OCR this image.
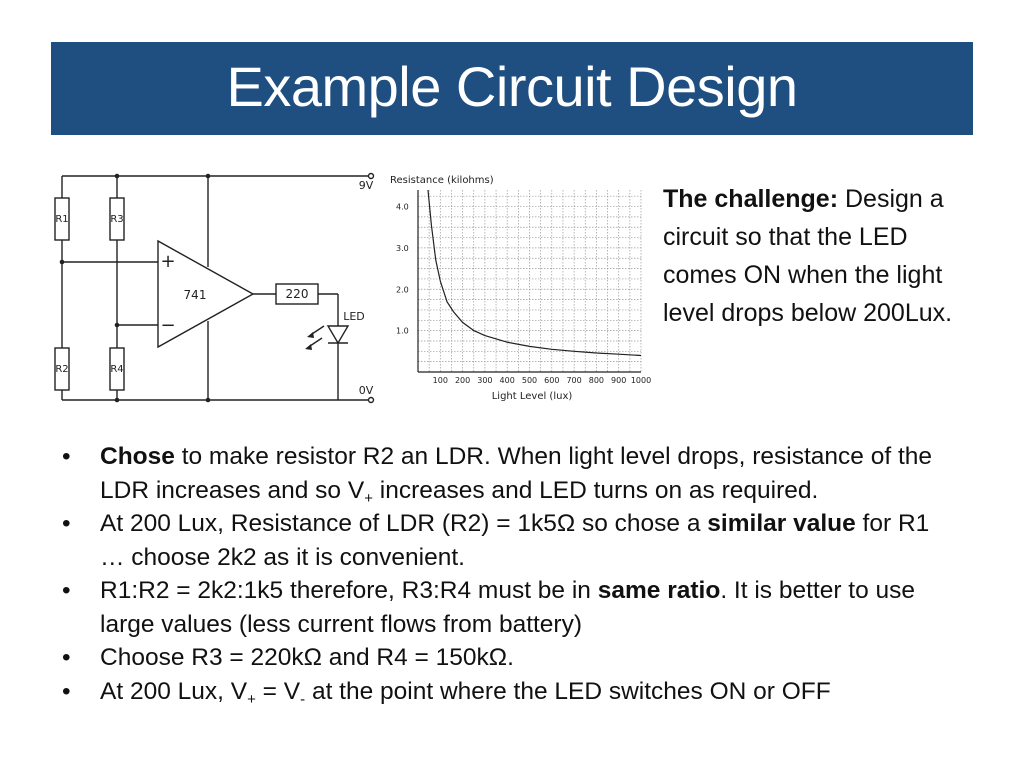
Example Circuit Design
R1
R2
R3
R4
741	220
LED
9V
0V
+
−
100 200 300 400 500 600 700 800 900 1000
1.0
2.0
3.0
4.0
Resistance (kilohms)
Light Level (lux)
The challenge: Design a circuit so that the LED comes ON when the light level drops below 200Lux.
• Chose to make resistor R2 an LDR. When light level drops, resistance of the LDR increases and so $V_+$ increases and LED turns on as required.
• At 200 Lux, Resistance of LDR (R2) = 1k5Ω so chose a similar value for R1 … choose 2k2 as it is convenient.
• R1:R2 = 2k2:1k5 therefore, R3:R4 must be in same ratio. It is better to use large values (less current flows from battery)
• Choose R3 = 220kΩ and R4 = 150kΩ.
• At 200 Lux, $V_+ = V_-$ at the point where the LED switches ON or OFF
